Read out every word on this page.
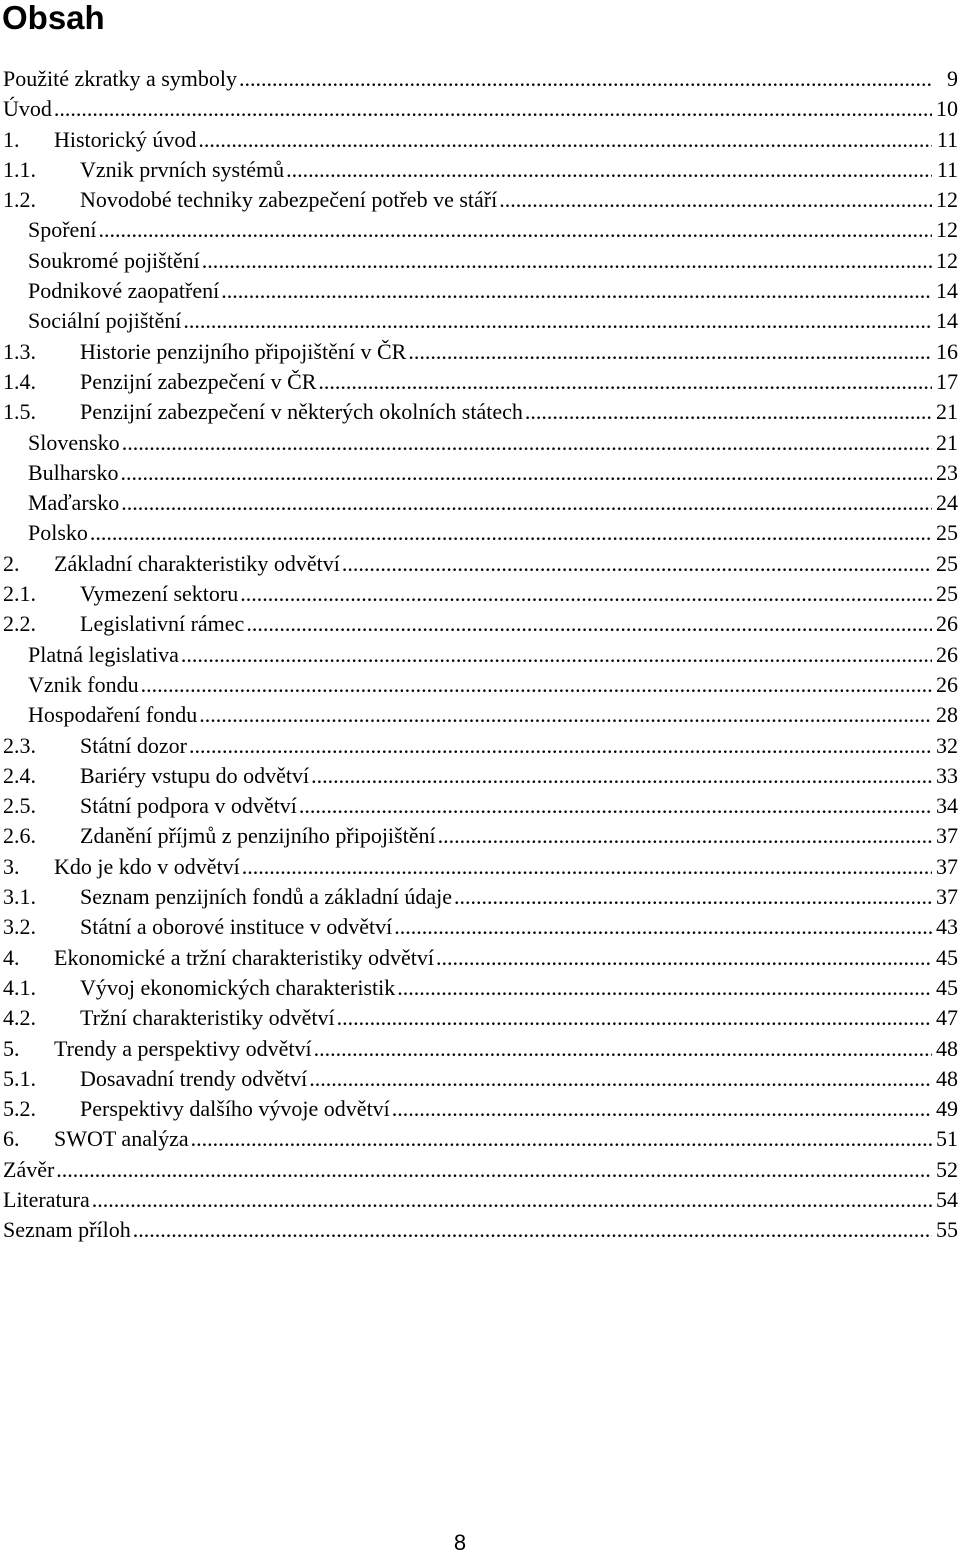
Obsah
Použité zkratky a symboly .....	9
Úvod .....	10
1. Historický úvod .....	11
1.1. Vznik prvních systémů .....	11
1.2. Novodobé techniky zabezpečení potřeb ve stáří .....	12
Spoření .....	12
Soukromé pojištění .....	12
Podnikové zaopatření .....	14
Sociální pojištění .....	14
1.3. Historie penzijního připojištění v ČR .....	16
1.4. Penzijní zabezpečení v ČR .....	17
1.5. Penzijní zabezpečení v některých okolních státech .....	21
Slovensko .....	21
Bulharsko .....	23
Maďarsko .....	24
Polsko .....	25
2. Základní charakteristiky odvětví .....	25
2.1. Vymezení sektoru .....	25
2.2. Legislativní rámec .....	26
Platná legislativa .....	26
Vznik fondu .....	26
Hospodaření fondu .....	28
2.3. Státní dozor .....	32
2.4. Bariéry vstupu do odvětví .....	33
2.5. Státní podpora v odvětví .....	34
2.6. Zdanění příjmů z penzijního připojištění .....	37
3. Kdo je kdo v odvětví .....	37
3.1. Seznam penzijních fondů a základní údaje .....	37
3.2. Státní a oborové instituce v odvětví .....	43
4. Ekonomické a tržní charakteristiky odvětví .....	45
4.1. Vývoj ekonomických charakteristik .....	45
4.2. Tržní charakteristiky odvětví .....	47
5. Trendy a perspektivy odvětví .....	48
5.1. Dosavadní trendy odvětví .....	48
5.2. Perspektivy dalšího vývoje odvětví .....	49
6. SWOT analýza .....	51
Závěr .....	52
Literatura .....	54
Seznam příloh .....	55
8
